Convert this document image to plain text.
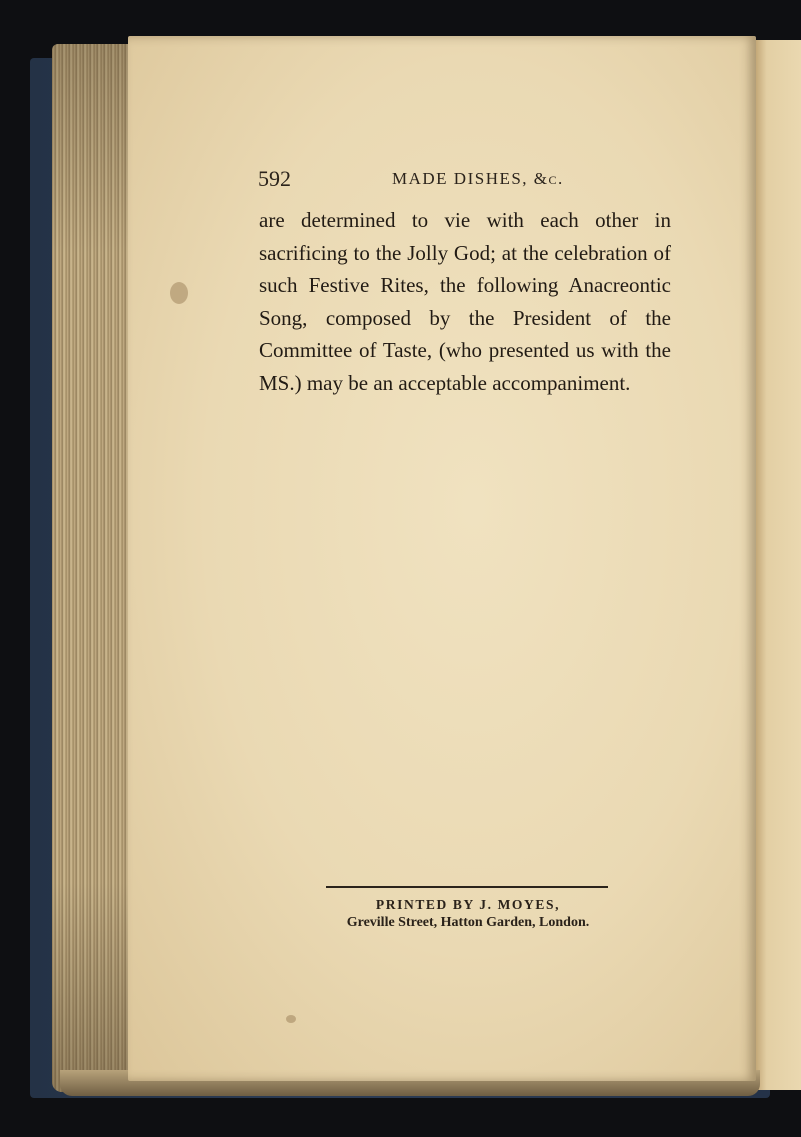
592	MADE DISHES, &c.

are determined to vie with each other in sacrificing to the Jolly God; at the celebration of such Festive Rites, the following Anacreontic Song, composed by the President of the Committee of Taste, (who presented us with the MS.) may be an acceptable accompaniment.

PRINTED BY J. MOYES,
Greville Street, Hatton Garden, London.
